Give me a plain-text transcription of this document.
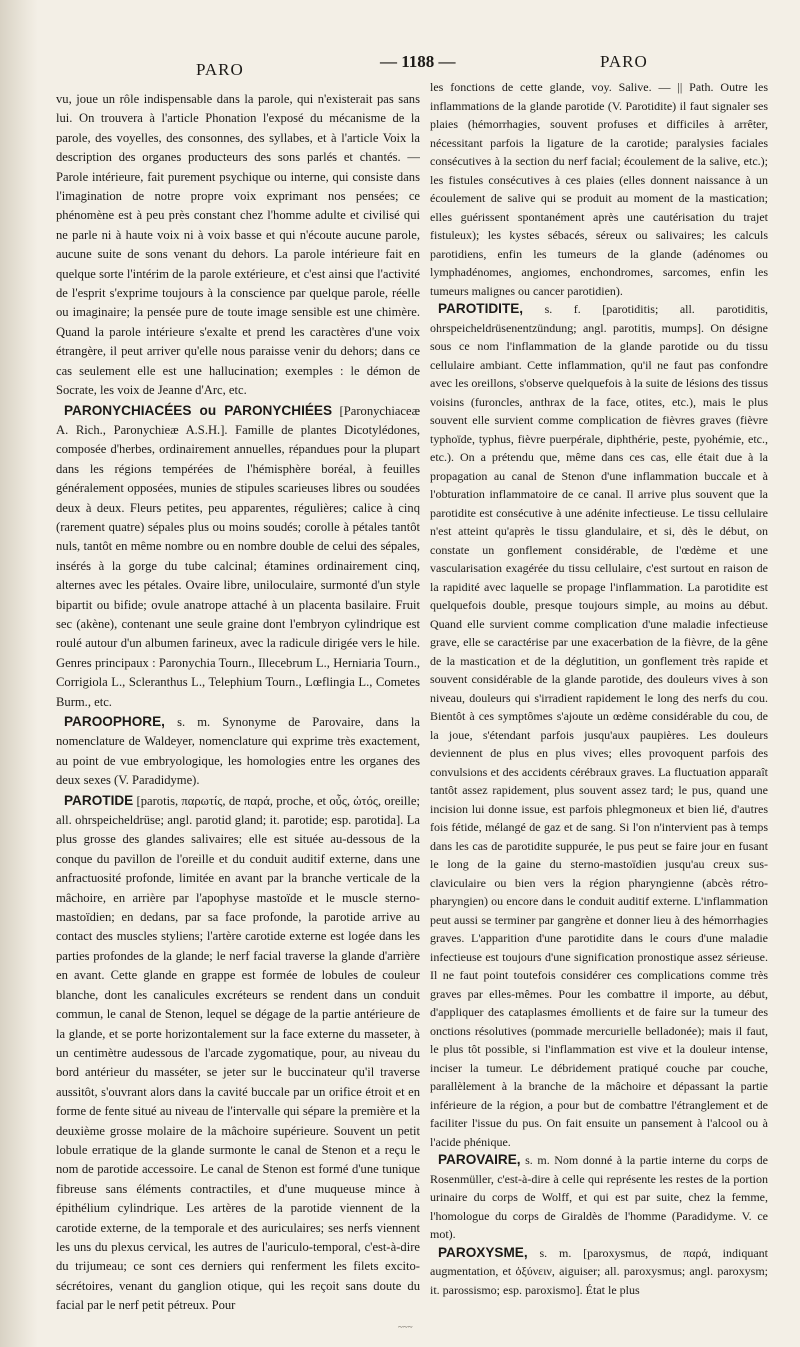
PARO	— 1188 —	PARO

vu, joue un rôle indispensable dans la parole, qui n'existerait pas sans lui. On trouvera à l'article Phonation l'exposé du mécanisme de la parole, des voyelles, des consonnes, des syllabes, et à l'article Voix la description des organes producteurs des sons parlés et chantés. — Parole intérieure, fait purement psychique ou interne, qui consiste dans l'imagination de notre propre voix exprimant nos pensées; ce phénomène est à peu près constant chez l'homme adulte et civilisé qui ne parle ni à haute voix ni à voix basse et qui n'écoute aucune parole, aucune suite de sons venant du dehors. La parole intérieure fait en quelque sorte l'intérim de la parole extérieure, et c'est ainsi que l'activité de l'esprit s'exprime toujours à la conscience par quelque parole, réelle ou imaginaire; la pensée pure de toute image sensible est une chimère. Quand la parole intérieure s'exalte et prend les caractères d'une voix étrangère, il peut arriver qu'elle nous paraisse venir du dehors; dans ce cas seulement elle est une hallucination; exemples : le démon de Socrate, les voix de Jeanne d'Arc, etc.

PARONYCHIACÉES ou PARONYCHIÉES [Paronychiaceæ A. Rich., Paronychieæ A.S.H.]. Famille de plantes Dicotylédones, composée d'herbes, ordinairement annuelles, répandues pour la plupart dans les régions tempérées de l'hémisphère boréal, à feuilles généralement opposées, munies de stipules scarieuses libres ou soudées deux à deux. Fleurs petites, peu apparentes, régulières; calice à cinq (rarement quatre) sépales plus ou moins soudés; corolle à pétales tantôt nuls, tantôt en même nombre ou en nombre double de celui des sépales, insérés à la gorge du tube calcinal; étamines ordinairement cinq, alternes avec les pétales. Ovaire libre, uniloculaire, surmonté d'un style bipartit ou bifide; ovule anatrope attaché à un placenta basilaire. Fruit sec (akène), contenant une seule graine dont l'embryon cylindrique est roulé autour d'un albumen farineux, avec la radicule dirigée vers le hile. Genres principaux : Paronychia Tourn., Illecebrum L., Herniaria Tourn., Corrigiola L., Scleranthus L., Telephium Tourn., Lœflingia L., Cometes Burm., etc.

PAROOPHORE, s. m. Synonyme de Parovaire, dans la nomenclature de Waldeyer, nomenclature qui exprime très exactement, au point de vue embryologique, les homologies entre les organes des deux sexes (V. Paradidyme).

PAROTIDE [parotis, παρωτίς, de παρά, proche, et οὖς, ὠτός, oreille; all. ohrspeicheldrüse; angl. parotid gland; it. parotide; esp. parotida]. La plus grosse des glandes salivaires; elle est située au-dessous de la conque du pavillon de l'oreille et du conduit auditif externe, dans une anfractuosité profonde, limitée en avant par la branche verticale de la mâchoire, en arrière par l'apophyse mastoïde et le muscle sterno-mastoïdien; en dedans, par sa face profonde, la parotide arrive au contact des muscles styliens; l'artère carotide externe est logée dans les parties profondes de la glande; le nerf facial traverse la glande d'arrière en avant. Cette glande en grappe est formée de lobules de couleur blanche, dont les canalicules excréteurs se rendent dans un conduit commun, le canal de Stenon, lequel se dégage de la partie antérieure de la glande, et se porte horizontalement sur la face externe du masseter, à un centimètre audessous de l'arcade zygomatique, pour, au niveau du bord antérieur du masséter, se jeter sur le buccinateur qu'il traverse aussitôt, s'ouvrant alors dans la cavité buccale par un orifice étroit et en forme de fente situé au niveau de l'intervalle qui sépare la première et la deuxième grosse molaire de la mâchoire supérieure. Souvent un petit lobule erratique de la glande surmonte le canal de Stenon et a reçu le nom de parotide accessoire. Le canal de Stenon est formé d'une tunique fibreuse sans éléments contractiles, et d'une muqueuse mince à épithélium cylindrique. Les artères de la parotide viennent de la carotide externe, de la temporale et des auriculaires; ses nerfs viennent les uns du plexus cervical, les autres de l'auriculo-temporal, c'est-à-dire du trijumeau; ce sont ces derniers qui renferment les filets excito-sécrétoires, venant du ganglion otique, qui les reçoit sans doute du facial par le nerf petit pétreux. Pour

les fonctions de cette glande, voy. Salive. — || Path. Outre les inflammations de la glande parotide (V. Parotidite) il faut signaler ses plaies (hémorrhagies, souvent profuses et difficiles à arrêter, nécessitant parfois la ligature de la carotide; paralysies faciales consécutives à la section du nerf facial; écoulement de la salive, etc.); les fistules consécutives à ces plaies (elles donnent naissance à un écoulement de salive qui se produit au moment de la mastication; elles guérissent spontanément après une cautérisation du trajet fistuleux); les kystes sébacés, séreux ou salivaires; les calculs parotidiens, enfin les tumeurs de la glande (adénomes ou lymphadénomes, angiomes, enchondromes, sarcomes, enfin les tumeurs malignes ou cancer parotidien).

PAROTIDITE, s. f. [parotiditis; all. parotiditis, ohrspeicheldrüsenentzündung; angl. parotitis, mumps]. On désigne sous ce nom l'inflammation de la glande parotide ou du tissu cellulaire ambiant. Cette inflammation, qu'il ne faut pas confondre avec les oreillons, s'observe quelquefois à la suite de lésions des tissus voisins (furoncles, anthrax de la face, otites, etc.), mais le plus souvent elle survient comme complication de fièvres graves (fièvre typhoïde, typhus, fièvre puerpérale, diphthérie, peste, pyohémie, etc., etc.). On a prétendu que, même dans ces cas, elle était due à la propagation au canal de Stenon d'une inflammation buccale et à l'obturation inflammatoire de ce canal. Il arrive plus souvent que la parotidite est consécutive à une adénite infectieuse. Le tissu cellulaire n'est atteint qu'après le tissu glandulaire, et si, dès le début, on constate un gonflement considérable, de l'œdème et une vascularisation exagérée du tissu cellulaire, c'est surtout en raison de la rapidité avec laquelle se propage l'inflammation. La parotidite est quelquefois double, presque toujours simple, au moins au début. Quand elle survient comme complication d'une maladie infectieuse grave, elle se caractérise par une exacerbation de la fièvre, de la gêne de la mastication et de la déglutition, un gonflement très rapide et souvent considérable de la glande parotide, des douleurs vives à son niveau, douleurs qui s'irradient rapidement le long des nerfs du cou. Bientôt à ces symptômes s'ajoute un œdème considérable du cou, de la joue, s'étendant parfois jusqu'aux paupières. Les douleurs deviennent de plus en plus vives; elles provoquent parfois des convulsions et des accidents cérébraux graves. La fluctuation apparaît tantôt assez rapidement, plus souvent assez tard; le pus, quand une incision lui donne issue, est parfois phlegmoneux et bien lié, d'autres fois fétide, mélangé de gaz et de sang. Si l'on n'intervient pas à temps dans les cas de parotidite suppurée, le pus peut se faire jour en fusant le long de la gaine du sterno-mastoïdien jusqu'au creux sus-claviculaire ou bien vers la région pharyngienne (abcès rétro-pharyngien) ou encore dans le conduit auditif externe. L'inflammation peut aussi se terminer par gangrène et donner lieu à des hémorrhagies graves. L'apparition d'une parotidite dans le cours d'une maladie infectieuse est toujours d'une signification pronostique assez sérieuse. Il ne faut point toutefois considérer ces complications comme très graves par elles-mêmes. Pour les combattre il importe, au début, d'appliquer des cataplasmes émollients et de faire sur la tumeur des onctions résolutives (pommade mercurielle belladonée); mais il faut, le plus tôt possible, si l'inflammation est vive et la douleur intense, inciser la tumeur. Le débridement pratiqué couche par couche, parallèlement à la branche de la mâchoire et dépassant la partie inférieure de la région, a pour but de combattre l'étranglement et de faciliter l'issue du pus. On fait ensuite un pansement à l'alcool ou à l'acide phénique.

PAROVAIRE, s. m. Nom donné à la partie interne du corps de Rosenmüller, c'est-à-dire à celle qui représente les restes de la portion urinaire du corps de Wolff, et qui est par suite, chez la femme, l'homologue du corps de Giraldès de l'homme (Paradidyme. V. ce mot).

PAROXYSME, s. m. [paroxysmus, de παρά, indiquant augmentation, et ὀξύνειν, aiguiser; all. paroxysmus; angl. paroxysm; it. parossismo; esp. paroxismo]. État le plus

~~~
